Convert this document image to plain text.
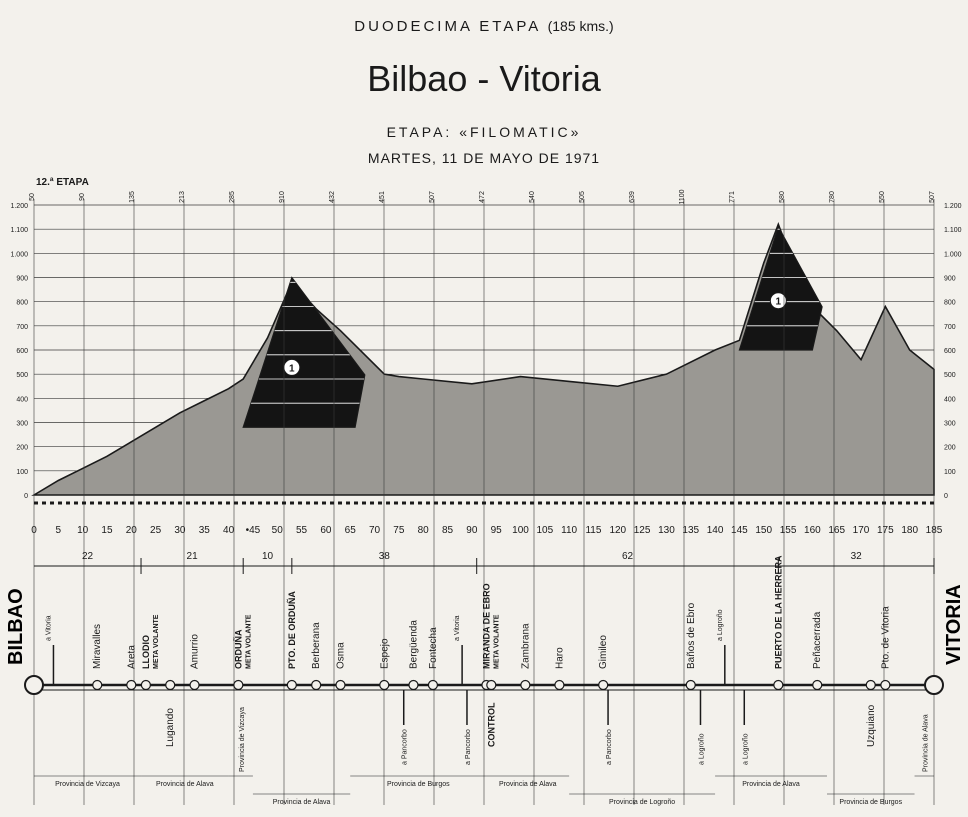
DUODECIMA ETAPA (185 kms.)
Bilbao - Vitoria
ETAPA: «FILOMATIC»
MARTES, 11 DE MAYO DE 1971
12.ª ETAPA
0	0
100	100
200	200
300	300
400	400
500	500
600	600
700	700
800	800
900	900
1.000	1.000
1.100	1.100
1.200	1.200
1
1
50	90	135	213	285	910	432	451	507	472	540	505	639	1100	771	580	780	550	507
0 5 10 15 20 25 30 35 40 •45 50 55 60 65 70 75 80 85 90 95 100 105 110 115 120 125 130 135 140 145 150 155 160 165 170 175 180 185
22	21	10	38	62	32
BILBAO	VITORIA
Miravalles Areta LLODIO META VOLANTE	Amurrio	ORDUÑA META VOLANTE	PTO. DE ORDUÑA Berberana Osma	Espejo Bergüenda Fontecha	MIRANDA DE EBRO META VOLANTE Zambrana Haro	Gimileo	Baños de Ebro	PUERTO DE LA HERRERA	Peñacerrada	Pto. de Vitoria
Lugando	CONTROL	Uzquiano
a Vitoria
a Pancorbo
a Vitoria
a Pancorbo	a Pancorbo	a Logroño
a Logroño
a Logroño
Provincia de Vizcaya	Provincia de Alava
Provincia de Vizcaya
Provincia de Alava
Provincia de Burgos	Provincia de Alava
Provincia de Logroño
Provincia de Alava
Provincia de Burgos
Provincia de Alava
